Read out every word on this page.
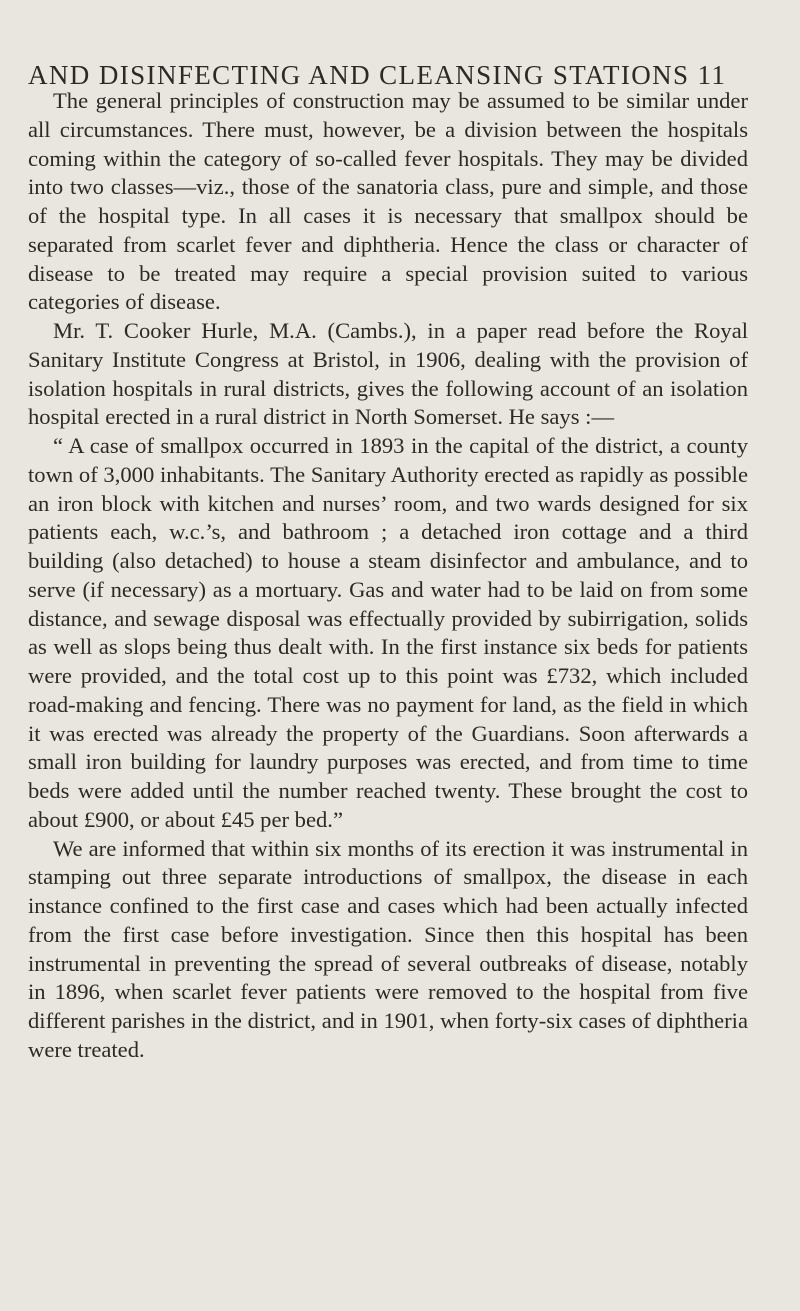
AND DISINFECTING AND CLEANSING STATIONS 11

The general principles of construction may be assumed to be similar under all circumstances. There must, however, be a division between the hospitals coming within the category of so-called fever hospitals. They may be divided into two classes—viz., those of the sanatoria class, pure and simple, and those of the hospital type. In all cases it is necessary that smallpox should be separated from scarlet fever and diphtheria. Hence the class or character of disease to be treated may require a special provision suited to various categories of disease.

Mr. T. Cooker Hurle, M.A. (Cambs.), in a paper read before the Royal Sanitary Institute Congress at Bristol, in 1906, dealing with the provision of isolation hospitals in rural districts, gives the following account of an isolation hospital erected in a rural district in North Somerset. He says :—

“ A case of smallpox occurred in 1893 in the capital of the district, a county town of 3,000 inhabitants. The Sanitary Authority erected as rapidly as possible an iron block with kitchen and nurses’ room, and two wards designed for six patients each, w.c.’s, and bathroom ; a detached iron cottage and a third building (also detached) to house a steam disinfector and ambulance, and to serve (if necessary) as a mortuary. Gas and water had to be laid on from some distance, and sewage disposal was effectually provided by subirrigation, solids as well as slops being thus dealt with. In the first instance six beds for patients were provided, and the total cost up to this point was £732, which included road-making and fencing. There was no payment for land, as the field in which it was erected was already the property of the Guardians. Soon afterwards a small iron building for laundry purposes was erected, and from time to time beds were added until the number reached twenty. These brought the cost to about £900, or about £45 per bed.”

We are informed that within six months of its erection it was instrumental in stamping out three separate introductions of smallpox, the disease in each instance confined to the first case and cases which had been actually infected from the first case before investigation. Since then this hospital has been instrumental in preventing the spread of several outbreaks of disease, notably in 1896, when scarlet fever patients were removed to the hospital from five different parishes in the district, and in 1901, when forty-six cases of diphtheria were treated.
